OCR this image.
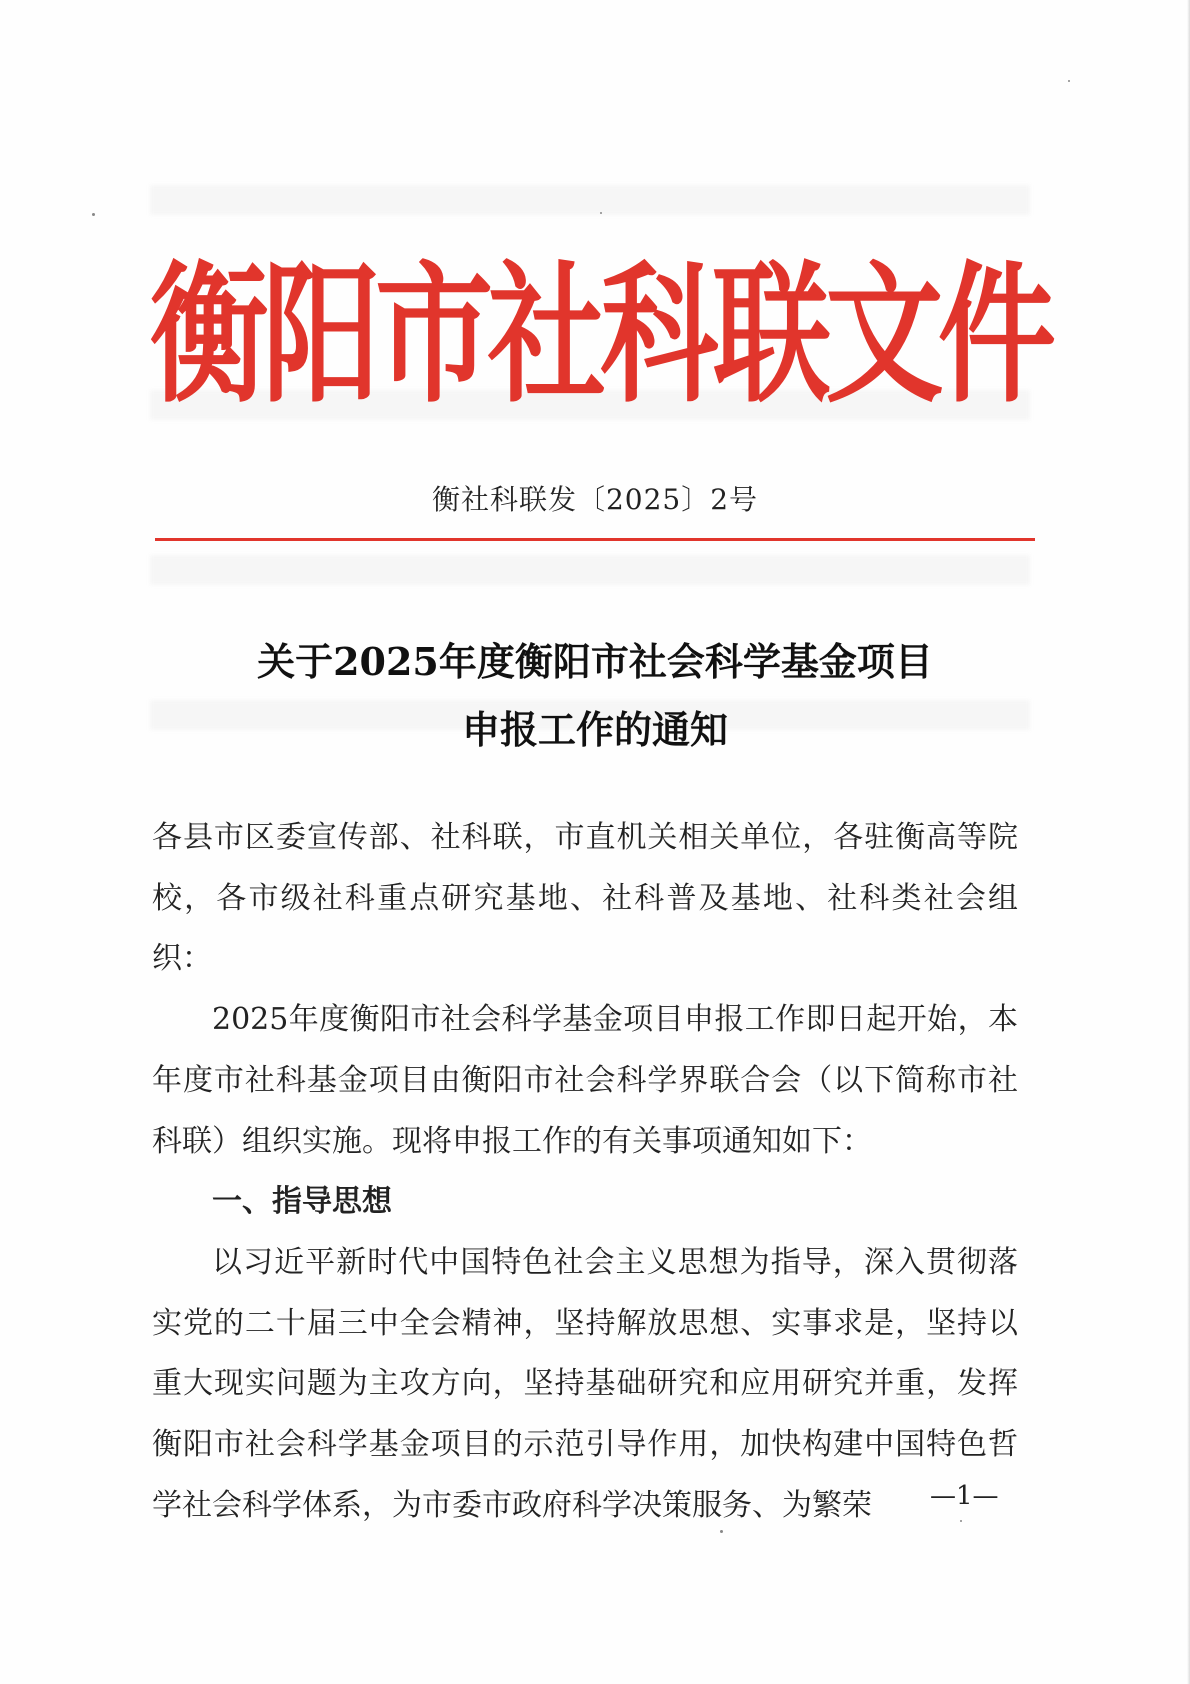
衡
阳
市
社
科
联
文
件
衡社科联发〔2025〕2号
关于2025年度衡阳市社会科学基金项目
申报工作的通知

各县市区委宣传部、社科联，市直机关相关单位，各驻衡高等院校，各市级社科重点研究基地、社科普及基地、社科类社会组织：

2025年度衡阳市社会科学基金项目申报工作即日起开始，本年度市社科基金项目由衡阳市社会科学界联合会（以下简称市社科联）组织实施。现将申报工作的有关事项通知如下：

一、指导思想

以习近平新时代中国特色社会主义思想为指导，深入贯彻落实党的二十届三中全会精神，坚持解放思想、实事求是，坚持以重大现实问题为主攻方向，坚持基础研究和应用研究并重，发挥衡阳市社会科学基金项目的示范引导作用，加快构建中国特色哲学社会科学体系，为市委市政府科学决策服务、为繁荣	—1—
